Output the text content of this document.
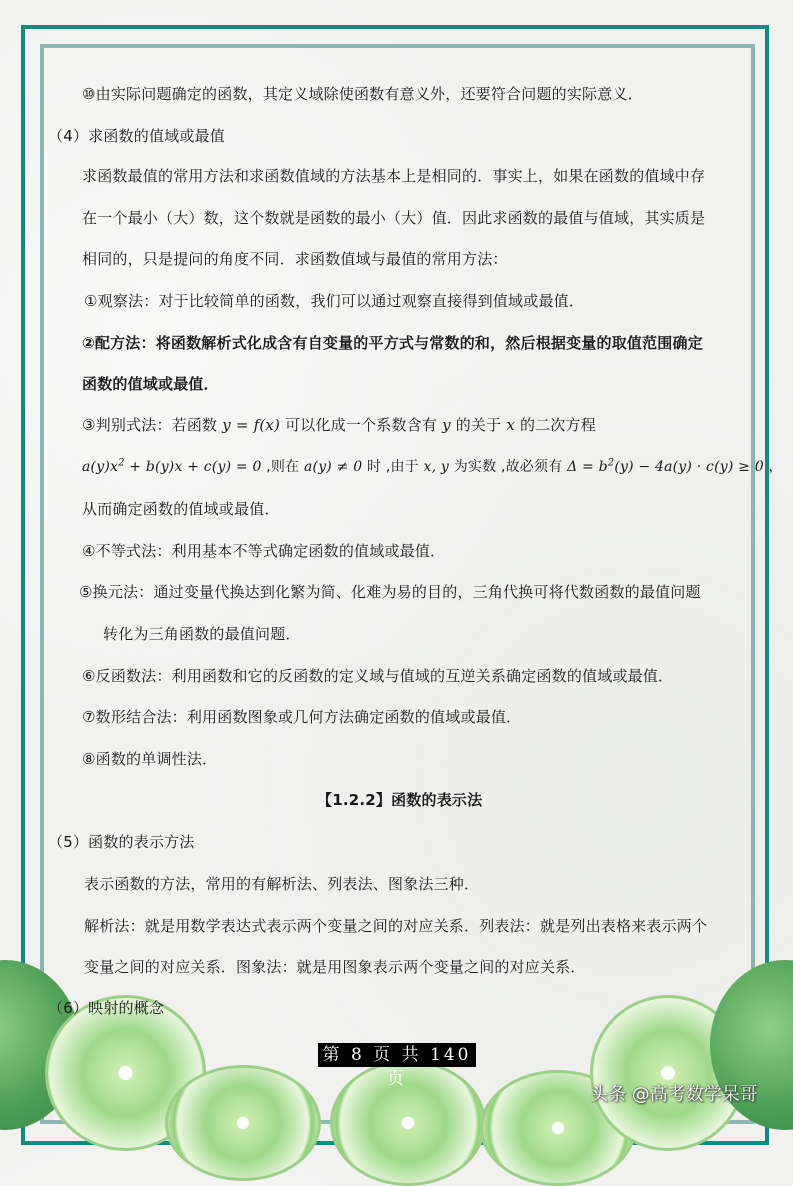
⑩由实际问题确定的函数，其定义域除使函数有意义外，还要符合问题的实际意义．
（4）求函数的值域或最值
求函数最值的常用方法和求函数值域的方法基本上是相同的．事实上，如果在函数的值域中存
在一个最小（大）数，这个数就是函数的最小（大）值．因此求函数的最值与值域，其实质是
相同的，只是提问的角度不同．求函数值域与最值的常用方法：
①观察法：对于比较简单的函数，我们可以通过观察直接得到值域或最值．
②配方法：将函数解析式化成含有自变量的平方式与常数的和，然后根据变量的取值范围确定
函数的值域或最值．
③判别式法：若函数 y = f(x) 可以化成一个系数含有 y 的关于 x 的二次方程
$a(y)x^2 + b(y)x + c(y) = 0$ ,则在 a(y) ≠ 0 时 ,由于 x, y 为实数 ,故必须有 $\Delta = b^2(y) - 4a(y) \cdot c(y) \ge 0$ ，
从而确定函数的值域或最值．
④不等式法：利用基本不等式确定函数的值域或最值．
⑤换元法：通过变量代换达到化繁为简、化难为易的目的，三角代换可将代数函数的最值问题
转化为三角函数的最值问题．
⑥反函数法：利用函数和它的反函数的定义域与值域的互逆关系确定函数的值域或最值．
⑦数形结合法：利用函数图象或几何方法确定函数的值域或最值．
⑧函数的单调性法．
【1.2.2】函数的表示法
（5）函数的表示方法
表示函数的方法，常用的有解析法、列表法、图象法三种．
解析法：就是用数学表达式表示两个变量之间的对应关系．列表法：就是列出表格来表示两个
变量之间的对应关系．图象法：就是用图象表示两个变量之间的对应关系．
（6）映射的概念
第 8 页 共 140 页
头条 @高考数学呆哥
